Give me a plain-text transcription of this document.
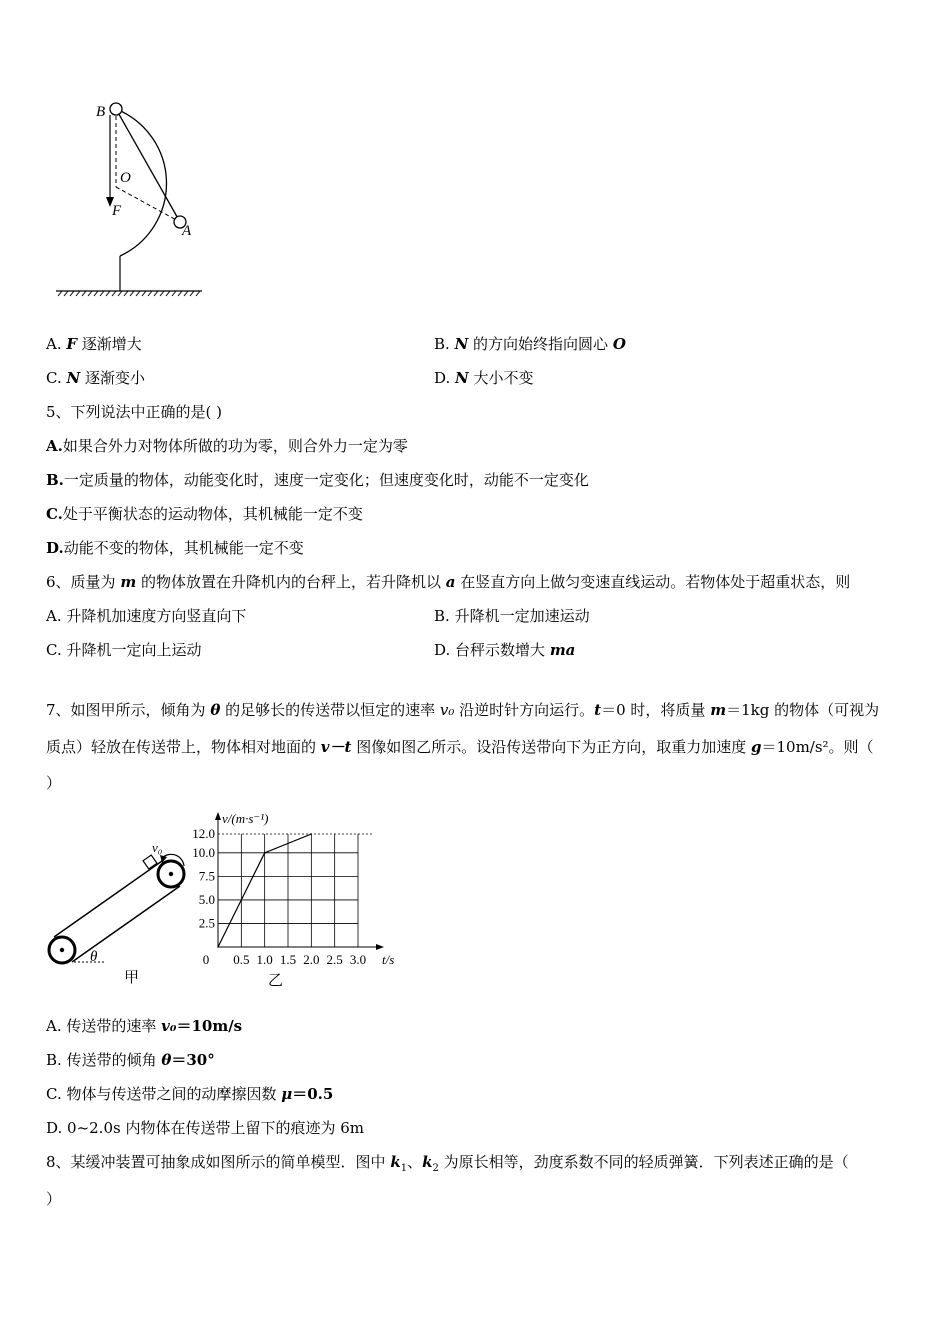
B
O
F
A
A. F 逐渐增大	B. N 的方向始终指向圆心 O
C. N 逐渐变小	D. N 大小不变
5、下列说法中正确的是( )
A.如果合外力对物体所做的功为零，则合外力一定为零
B.一定质量的物体，动能变化时，速度一定变化；但速度变化时，动能不一定变化
C.处于平衡状态的运动物体，其机械能一定不变
D.动能不变的物体，其机械能一定不变
6、质量为 m 的物体放置在升降机内的台秤上，若升降机以 a 在竖直方向上做匀变速直线运动。若物体处于超重状态，则
A. 升降机加速度方向竖直向下	B. 升降机一定加速运动
C. 升降机一定向上运动	D. 台秤示数增大 ma
7、如图甲所示，倾角为 θ 的足够长的传送带以恒定的速率 v₀ 沿逆时针方向运行。t＝0 时，将质量 m＝1kg 的物体（可视为
质点）轻放在传送带上，物体相对地面的 v－t 图像如图乙所示。设沿传送带向下为正方向，取重力加速度 g＝10m/s²。则（
）
θ
v₀
甲
0.5 1.0 1.5 2.0 2.5 3.0
2.5
5.0
7.5
10.0
12.0
0	t/s
v/(m·s⁻¹)
乙
A. 传送带的速率 v₀＝10m/s
B. 传送带的倾角 θ＝30°
C. 物体与传送带之间的动摩擦因数 μ＝0.5
D. 0~2.0s 内物体在传送带上留下的痕迹为 6m
8、某缓冲装置可抽象成如图所示的简单模型．图中 $k_1$、$k_2$ 为原长相等，劲度系数不同的轻质弹簧．下列表述正确的是（
）
